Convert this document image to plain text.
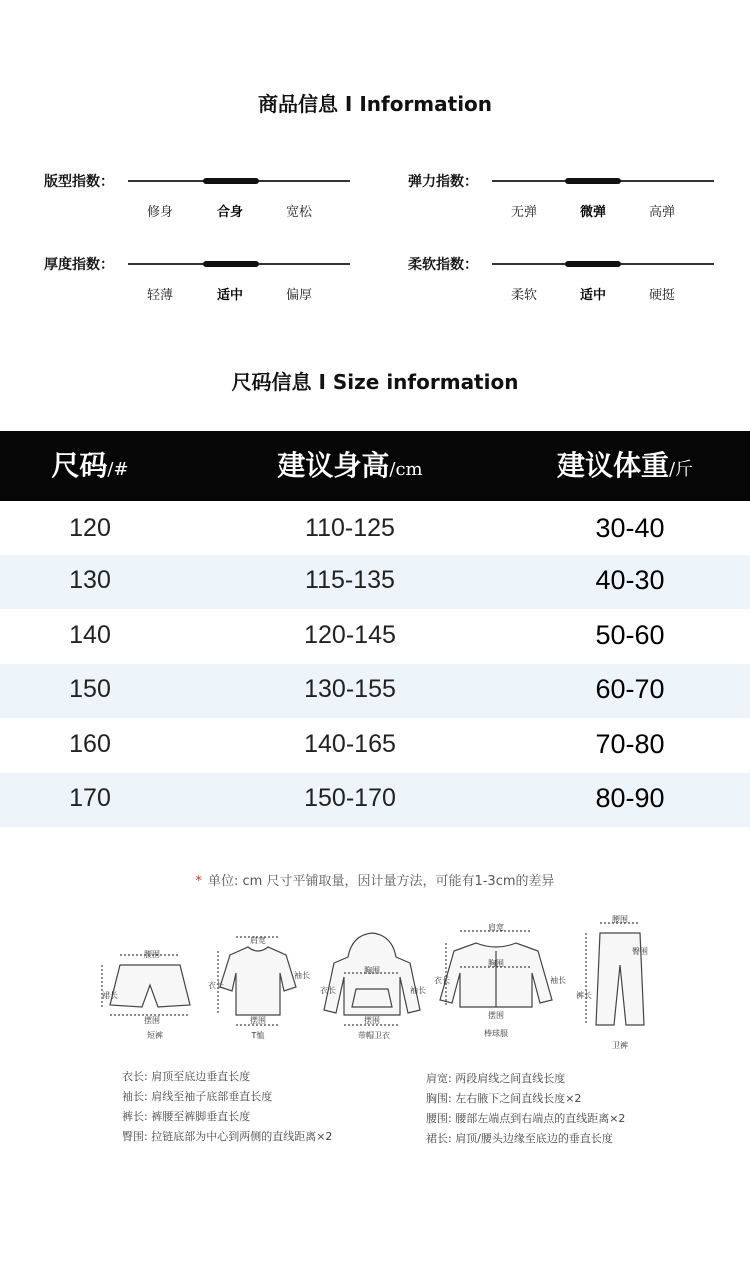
商品信息 I Information
版型指数：
修身	合身	宽松
弹力指数：
无弹	微弹	高弹
厚度指数：
轻薄	适中	偏厚
柔软指数：
柔软	适中	硬挺
尺码信息 I Size information
尺码/#	建议身高/cm	建议体重/斤
120	110-125	30-40
130	115-135	40-30
140	120-145	50-60
150	130-155	60-70
160	140-165	70-80
170	150-170	80-90
* 单位: cm 尺寸平铺取量，因计量方法，可能有1-3cm的差异
腰围
裙长
摆围
短裤
肩宽
衣长
袖长
摆围
T恤
胸围
衣长	袖长
摆围
带帽卫衣
肩宽
胸围
衣长	袖长
摆围
棒球服
腰围
臀围
裤长
卫裤
衣长: 肩顶至底边垂直长度
袖长: 肩线至袖子底部垂直长度
裤长: 裤腰至裤脚垂直长度
臀围: 拉链底部为中心到两侧的直线距离×2
肩宽: 两段肩线之间直线长度
胸围: 左右腋下之间直线长度×2
腰围: 腰部左端点到右端点的直线距离×2
裙长: 肩顶/腰头边缘至底边的垂直长度
